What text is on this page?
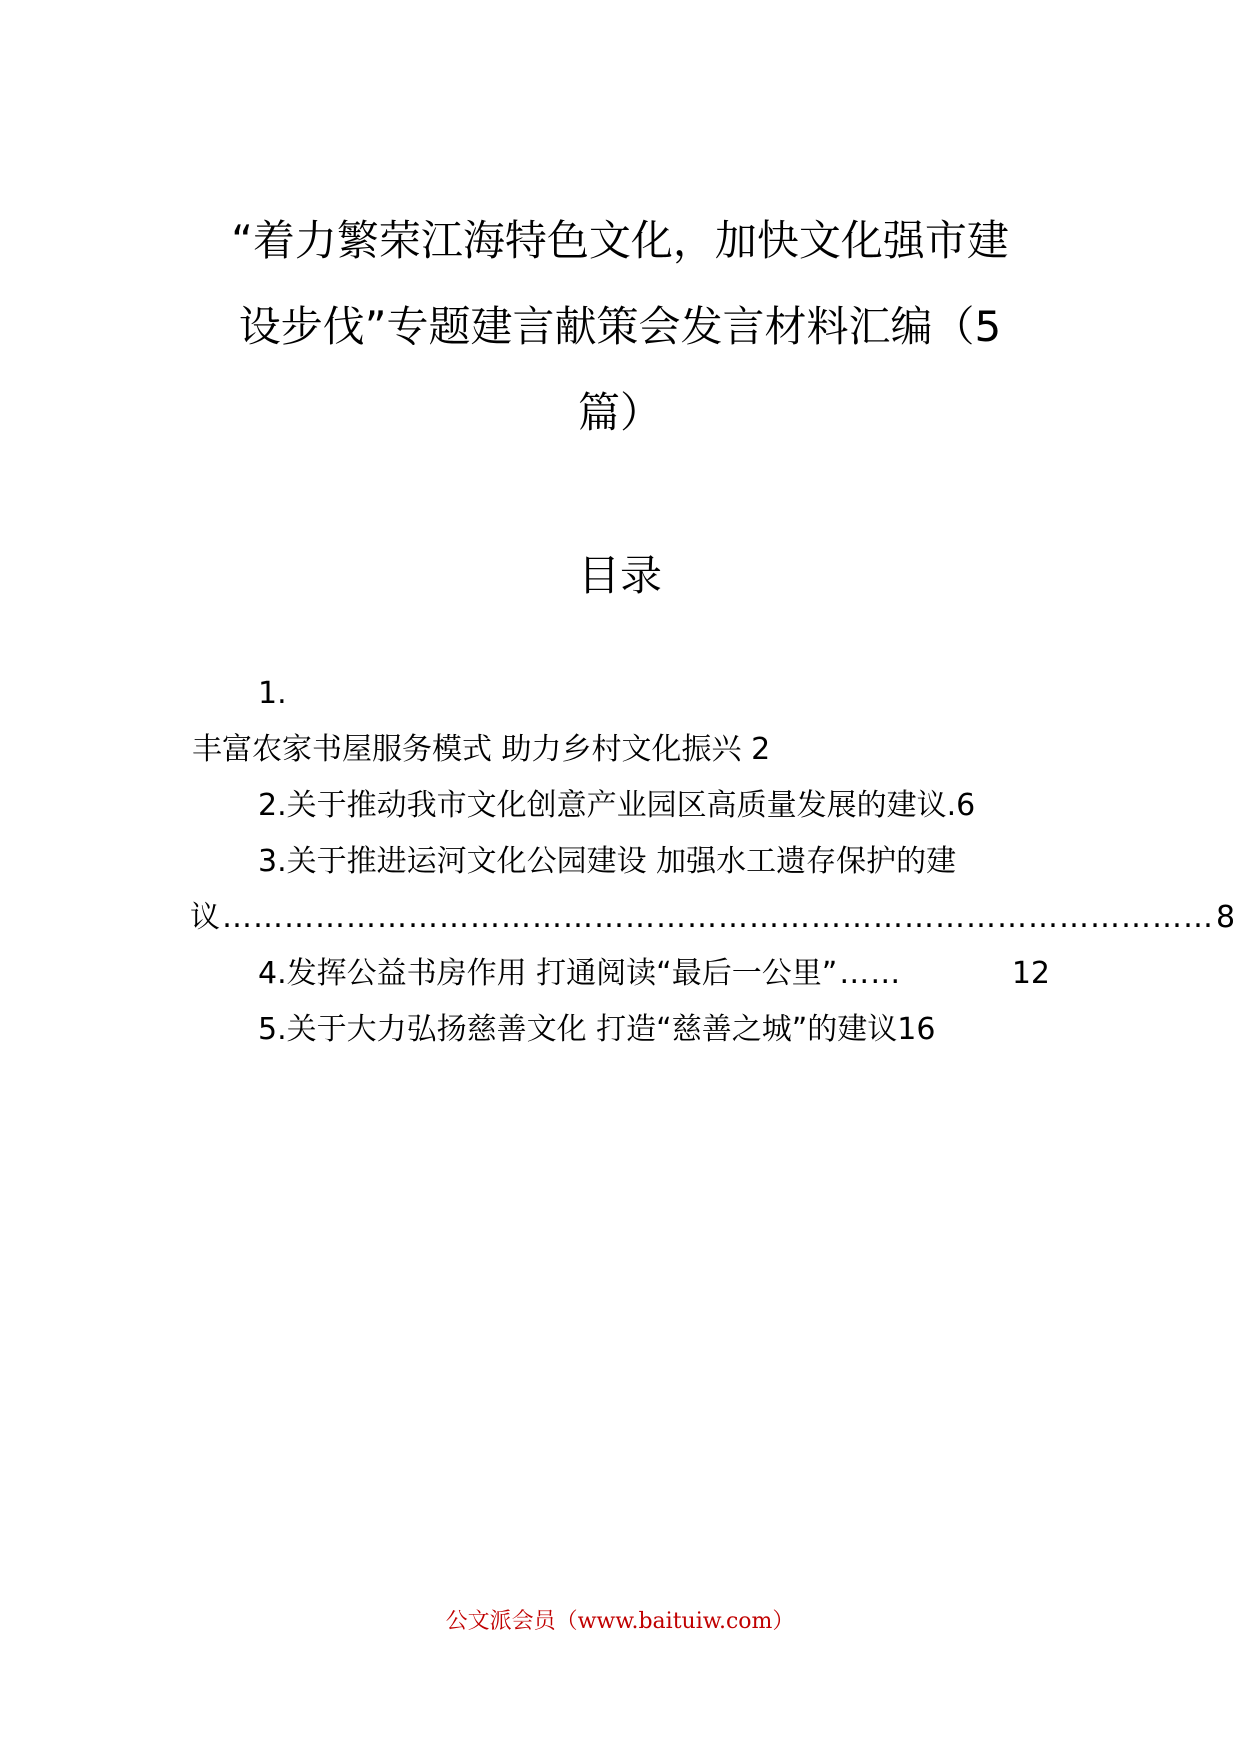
“着力繁荣江海特色文化，加快文化强市建
设步伐”专题建言献策会发言材料汇编（5
篇）
目录
1.
丰富农家书屋服务模式 助力乡村文化振兴 2
2.关于推动我市文化创意产业园区高质量发展的建议.6
3.关于推进运河文化公园建设 加强水工遗存保护的建
议 …………………………………………………………………………………… 8
4.发挥公益书房作用 打通阅读“最后一公里” ……	12
5.关于大力弘扬慈善文化 打造“慈善之城”的建议16
公文派会员（www.baituiw.com）
